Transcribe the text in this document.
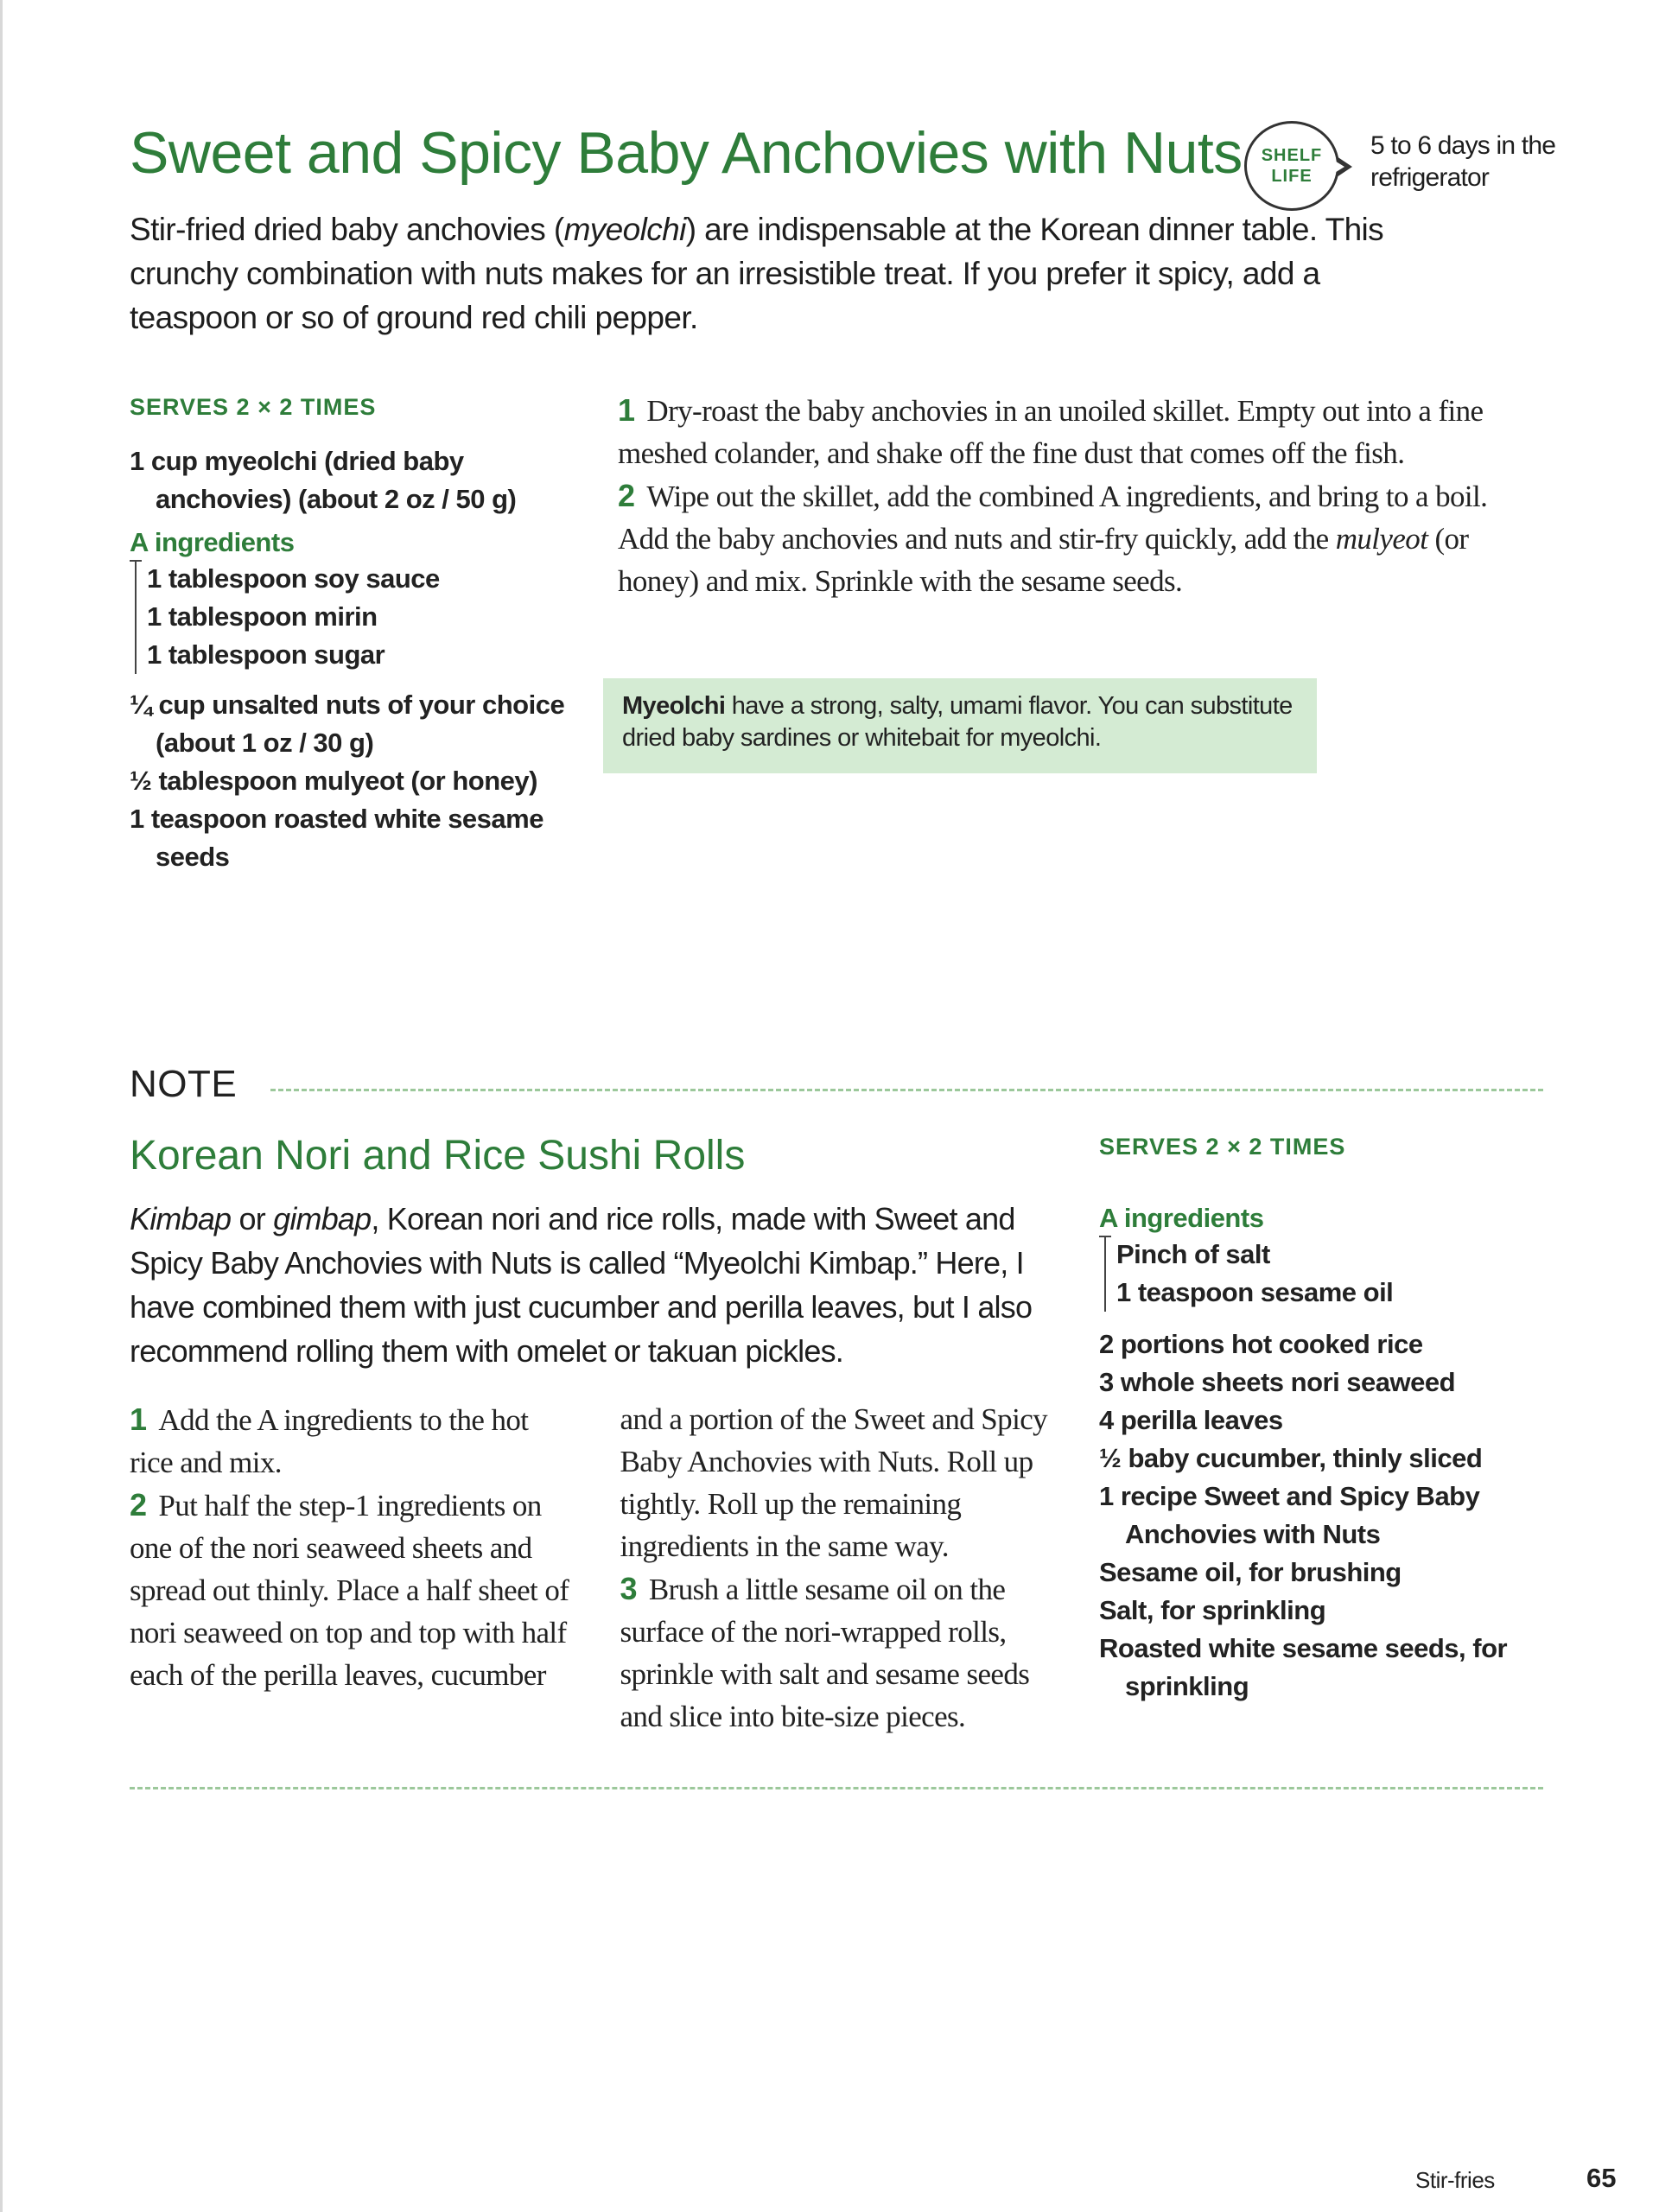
Sweet and Spicy Baby Anchovies with Nuts SHELF
LIFE
5 to 6 days in the refrigerator
Stir-fried dried baby anchovies (myeolchi) are indispensable at the Korean dinner table. This crunchy combination with nuts makes for an irresistible treat. If you prefer it spicy, add a teaspoon or so of ground red chili pepper.
SERVES 2 × 2 TIMES
1 cup myeolchi (dried baby anchovies) (about 2 oz / 50 g)
A ingredients
1 tablespoon soy sauce
1 tablespoon mirin
1 tablespoon sugar
¼ cup unsalted nuts of your choice (about 1 oz / 30 g)
½ tablespoon mulyeot (or honey)
1 teaspoon roasted white sesame seeds

1 Dry-roast the baby anchovies in an unoiled skillet. Empty out into a fine meshed colander, and shake off the fine dust that comes off the fish.

2 Wipe out the skillet, add the combined A ingredients, and bring to a boil. Add the baby anchovies and nuts and stir-fry quickly, add the mulyeot (or honey) and mix. Sprinkle with the sesame seeds.

Myeolchi have a strong, salty, umami flavor. You can substitute dried baby sardines or whitebait for myeolchi.
NOTE
Korean Nori and Rice Sushi Rolls
Kimbap or gimbap, Korean nori and rice rolls, made with Sweet and Spicy Baby Anchovies with Nuts is called “Myeolchi Kimbap.” Here, I have combined them with just cucumber and perilla leaves, but I also recommend rolling them with omelet or takuan pickles.

1 Add the A ingredients to the hot rice and mix.

2 Put half the step-1 ingredients on one of the nori seaweed sheets and spread out thinly. Place a half sheet of nori seaweed on top and top with half each of the perilla leaves, cucumber and a portion of the Sweet and Spicy Baby Anchovies with Nuts. Roll up tightly. Roll up the remaining ingredients in the same way.

3 Brush a little sesame oil on the surface of the nori-wrapped rolls, sprinkle with salt and sesame seeds and slice into bite-size pieces.

SERVES 2 × 2 TIMES
A ingredients
Pinch of salt
1 teaspoon sesame oil
2 portions hot cooked rice
3 whole sheets nori seaweed
4 perilla leaves
½ baby cucumber, thinly sliced
1 recipe Sweet and Spicy Baby Anchovies with Nuts
Sesame oil, for brushing
Salt, for sprinkling
Roasted white sesame seeds, for sprinkling
Stir-fries	65
